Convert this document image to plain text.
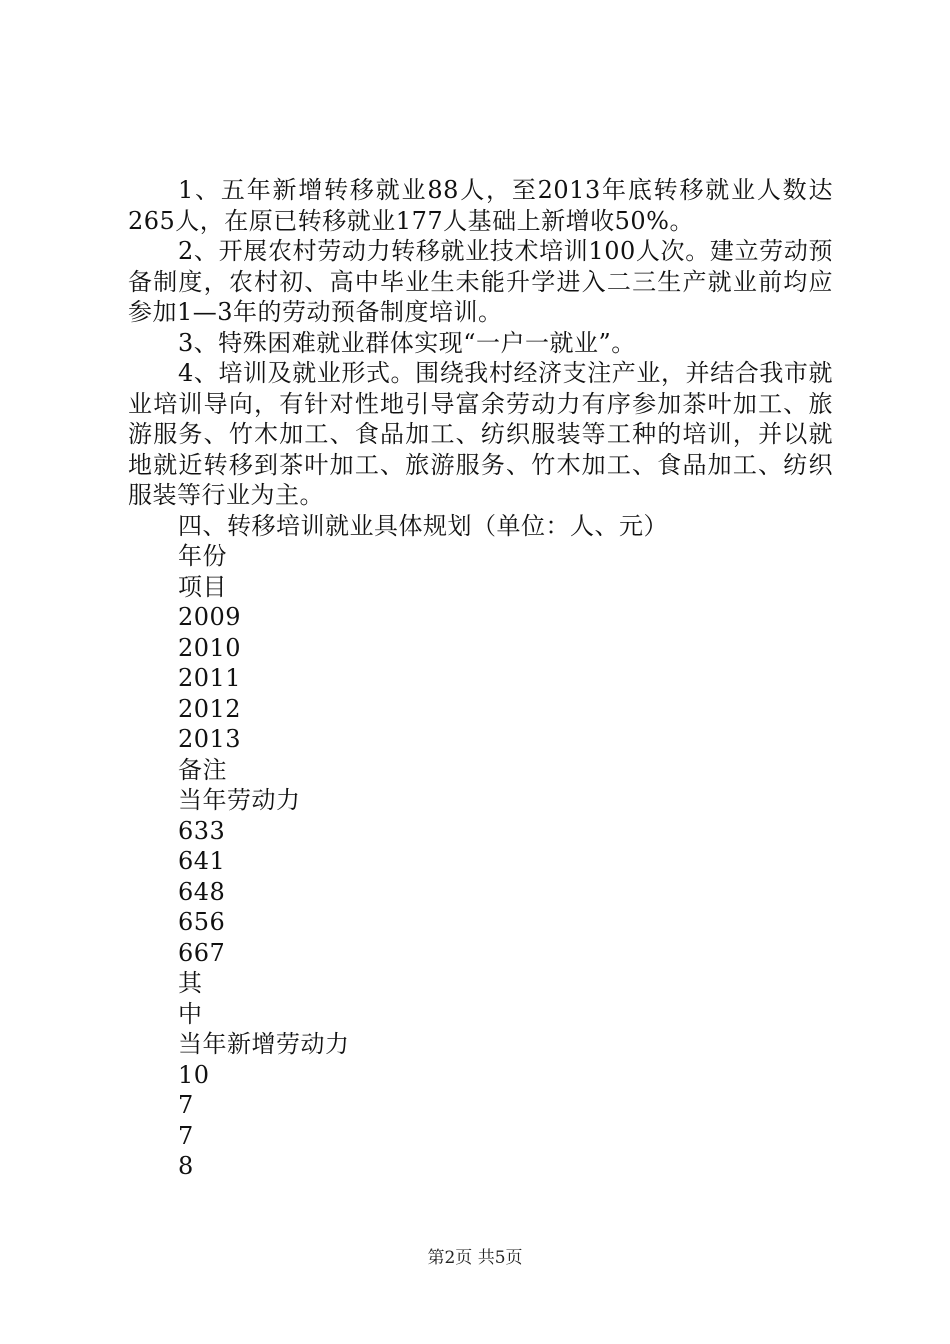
1、五年新增转移就业88人，至2013年底转移就业人数达265人，在原已转移就业177人基础上新增收50%。

2、开展农村劳动力转移就业技术培训100人次。建立劳动预备制度，农村初、高中毕业生未能升学进入二三生产就业前均应参加1—3年的劳动预备制度培训。

3、特殊困难就业群体实现“一户一就业”。

4、培训及就业形式。围绕我村经济支注产业，并结合我市就业培训导向，有针对性地引导富余劳动力有序参加茶叶加工、旅游服务、竹木加工、食品加工、纺织服装等工种的培训，并以就地就近转移到茶叶加工、旅游服务、竹木加工、食品加工、纺织服装等行业为主。

四、转移培训就业具体规划（单位：人、元）

年份

项目

2009

2010

2011

2012

2013

备注

当年劳动力

633

641

648

656

667

其

中

当年新增劳动力

10

7

7

8

第2页 共5页
